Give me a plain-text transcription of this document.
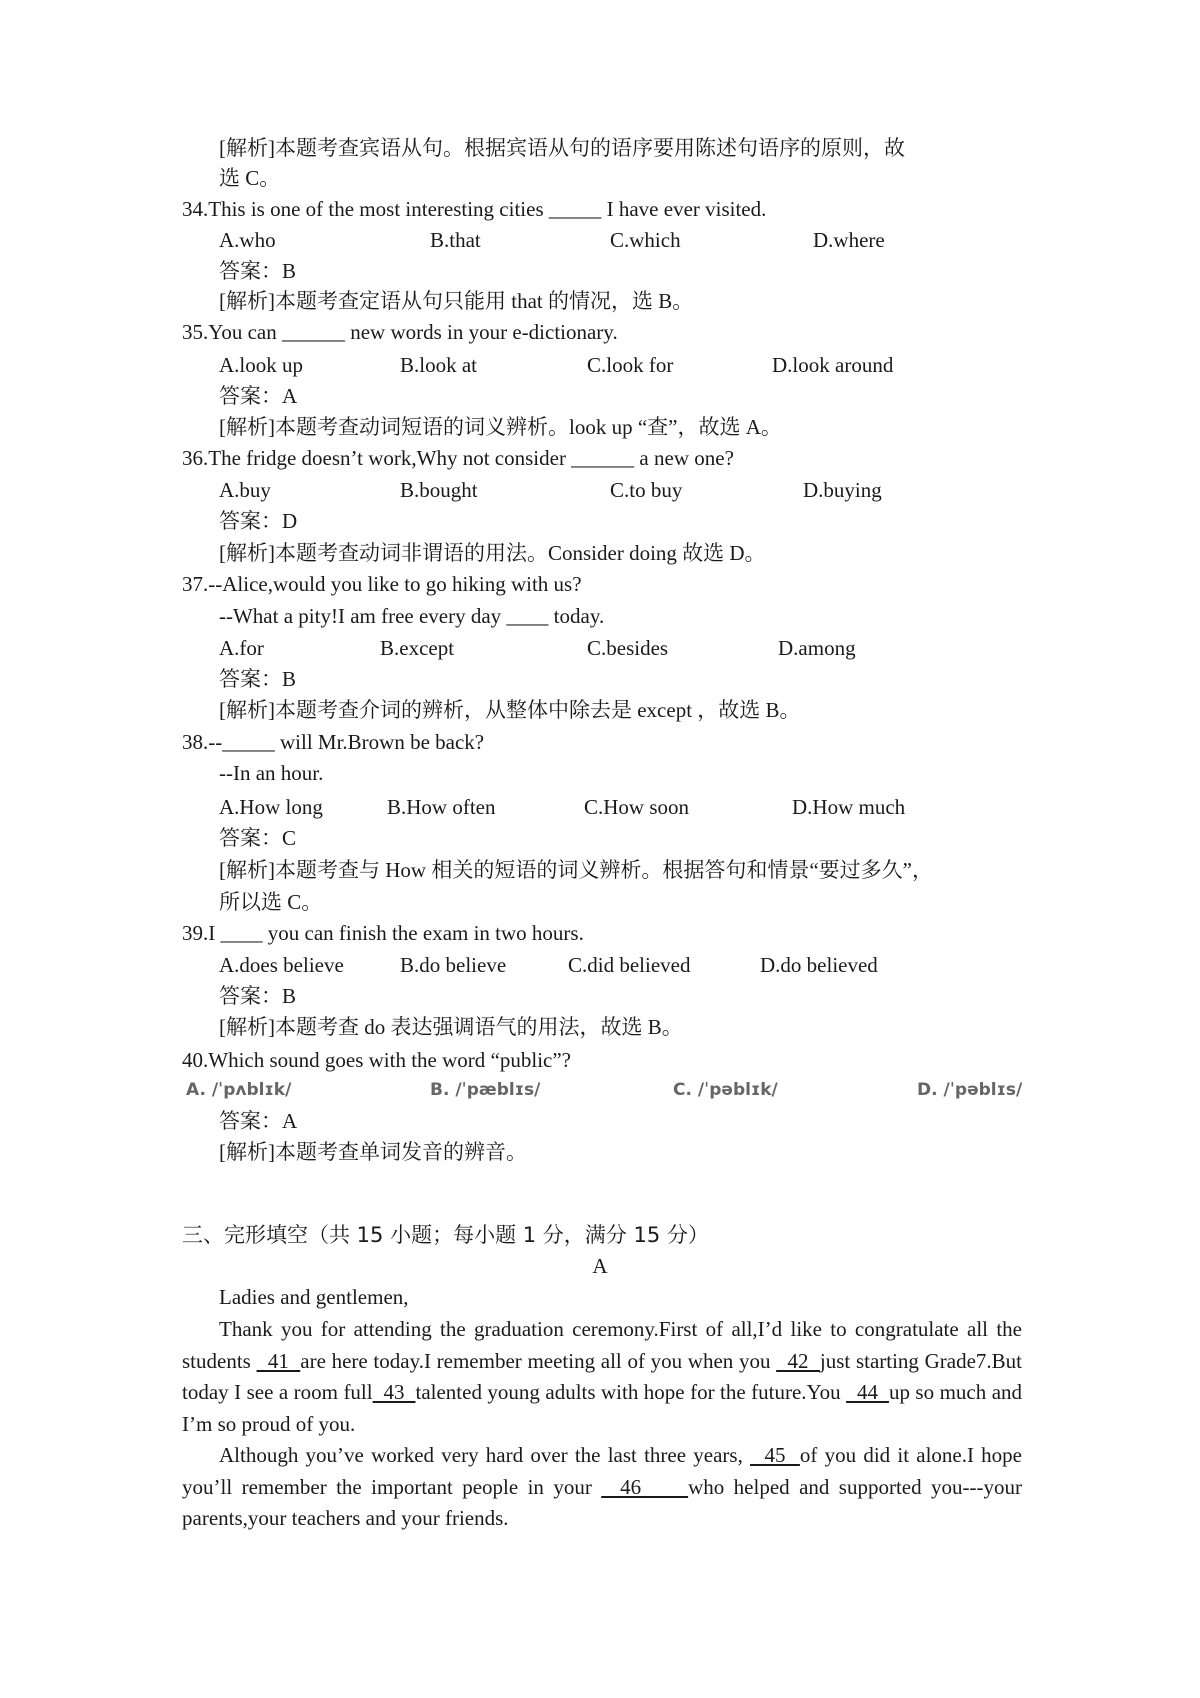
[解析]本题考查宾语从句。根据宾语从句的语序要用陈述句语序的原则，故
选 C。
34.This is one of the most interesting cities _____ I have ever visited.
A.who	B.that	C.which	D.where
答案：B
[解析]本题考查定语从句只能用 that 的情况，选 B。
35.You can ______ new words in your e-dictionary.
A.look up	B.look at	C.look for	D.look around
答案：A
[解析]本题考查动词短语的词义辨析。look up “查”，故选 A。
36.The fridge doesn’t work,Why not consider ______ a new one?
A.buy	B.bought	C.to buy	D.buying
答案：D
[解析]本题考查动词非谓语的用法。Consider doing 故选 D。
37.--Alice,would you like to go hiking with us?
--What a pity!I am free every day ____ today.
A.for	B.except	C.besides	D.among
答案：B
[解析]本题考查介词的辨析，从整体中除去是 except ，故选 B。
38.--_____ will Mr.Brown be back?
--In an hour.
A.How long	B.How often	C.How soon	D.How much
答案：C
[解析]本题考查与 How 相关的短语的词义辨析。根据答句和情景“要过多久”，
所以选 C。
39.I ____ you can finish the exam in two hours.
A.does believe	B.do believe	C.did believed	D.do believed
答案：B
[解析]本题考查 do 表达强调语气的用法，故选 B。
40.Which sound goes with the word “public”?
A. /ˈpʌblɪk/	B. /ˈpæblɪs/	C. /ˈpəblɪk/	D. /ˈpəblɪs/
答案：A
[解析]本题考查单词发音的辨音。
三、完形填空（共 15 小题；每小题 1 分，满分 15 分）
A
Ladies and gentlemen,
Thank you for attending the graduation ceremony.First of all,I’d like to congratulate all the students   41  are here today.I remember meeting all of you when you   42  just starting Grade7.But today I see a room full  43  talented young adults with hope for the future.You   44  up so much and I’m so proud of you.
Although you’ve worked very hard over the last three years,   45  of you did it alone.I hope you’ll remember the important people in your   46     who helped and supported you---your parents,your teachers and your friends.
